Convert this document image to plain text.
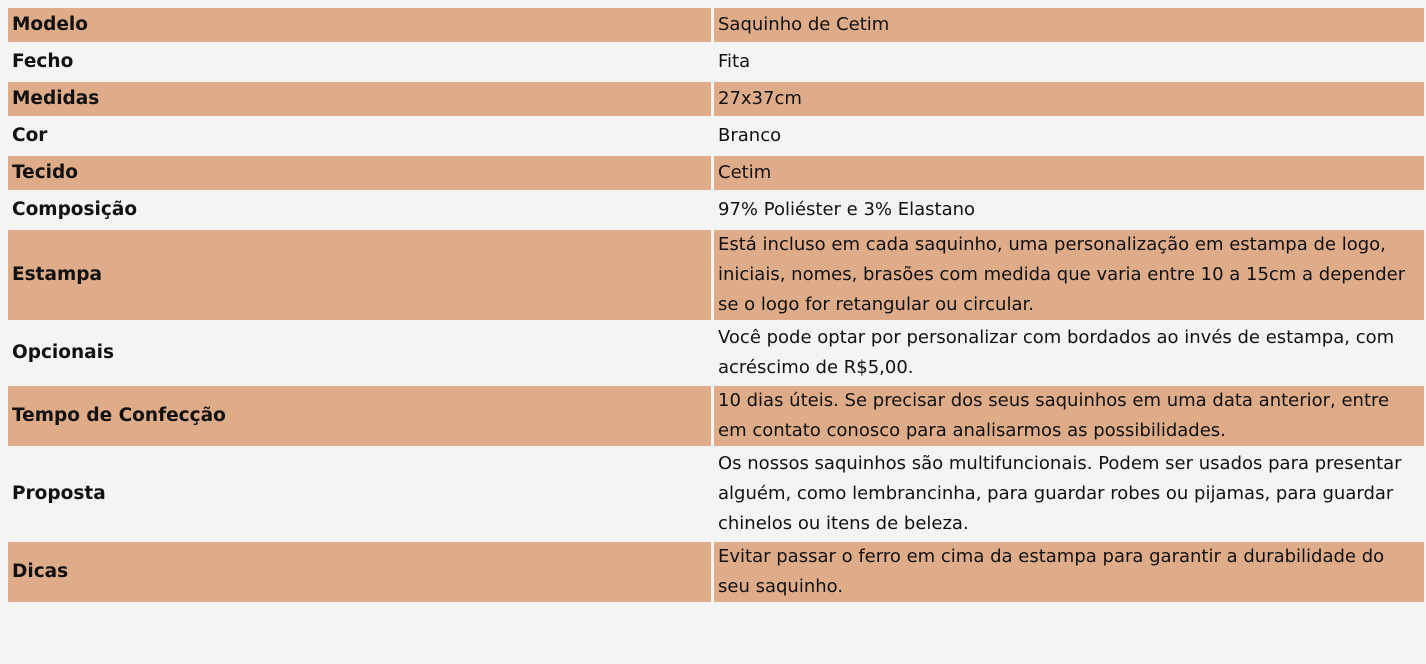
Modelo	Saquinho de Cetim
Fecho	Fita
Medidas	27x37cm
Cor	Branco
Tecido	Cetim
Composição	97% Poliéster e 3% Elastano
Estampa	Está incluso em cada saquinho, uma personalização em estampa de logo, iniciais, nomes, brasões com medida que varia entre 10 a 15cm a depender se o logo for retangular ou circular.
Opcionais	Você pode optar por personalizar com bordados ao invés de estampa, com acréscimo de R$5,00.
Tempo de Confecção	10 dias úteis. Se precisar dos seus saquinhos em uma data anterior, entre em contato conosco para analisarmos as possibilidades.
Proposta	Os nossos saquinhos são multifuncionais. Podem ser usados para presentar alguém, como lembrancinha, para guardar robes ou pijamas, para guardar chinelos ou itens de beleza.
Dicas	Evitar passar o ferro em cima da estampa para garantir a durabilidade do seu saquinho.
